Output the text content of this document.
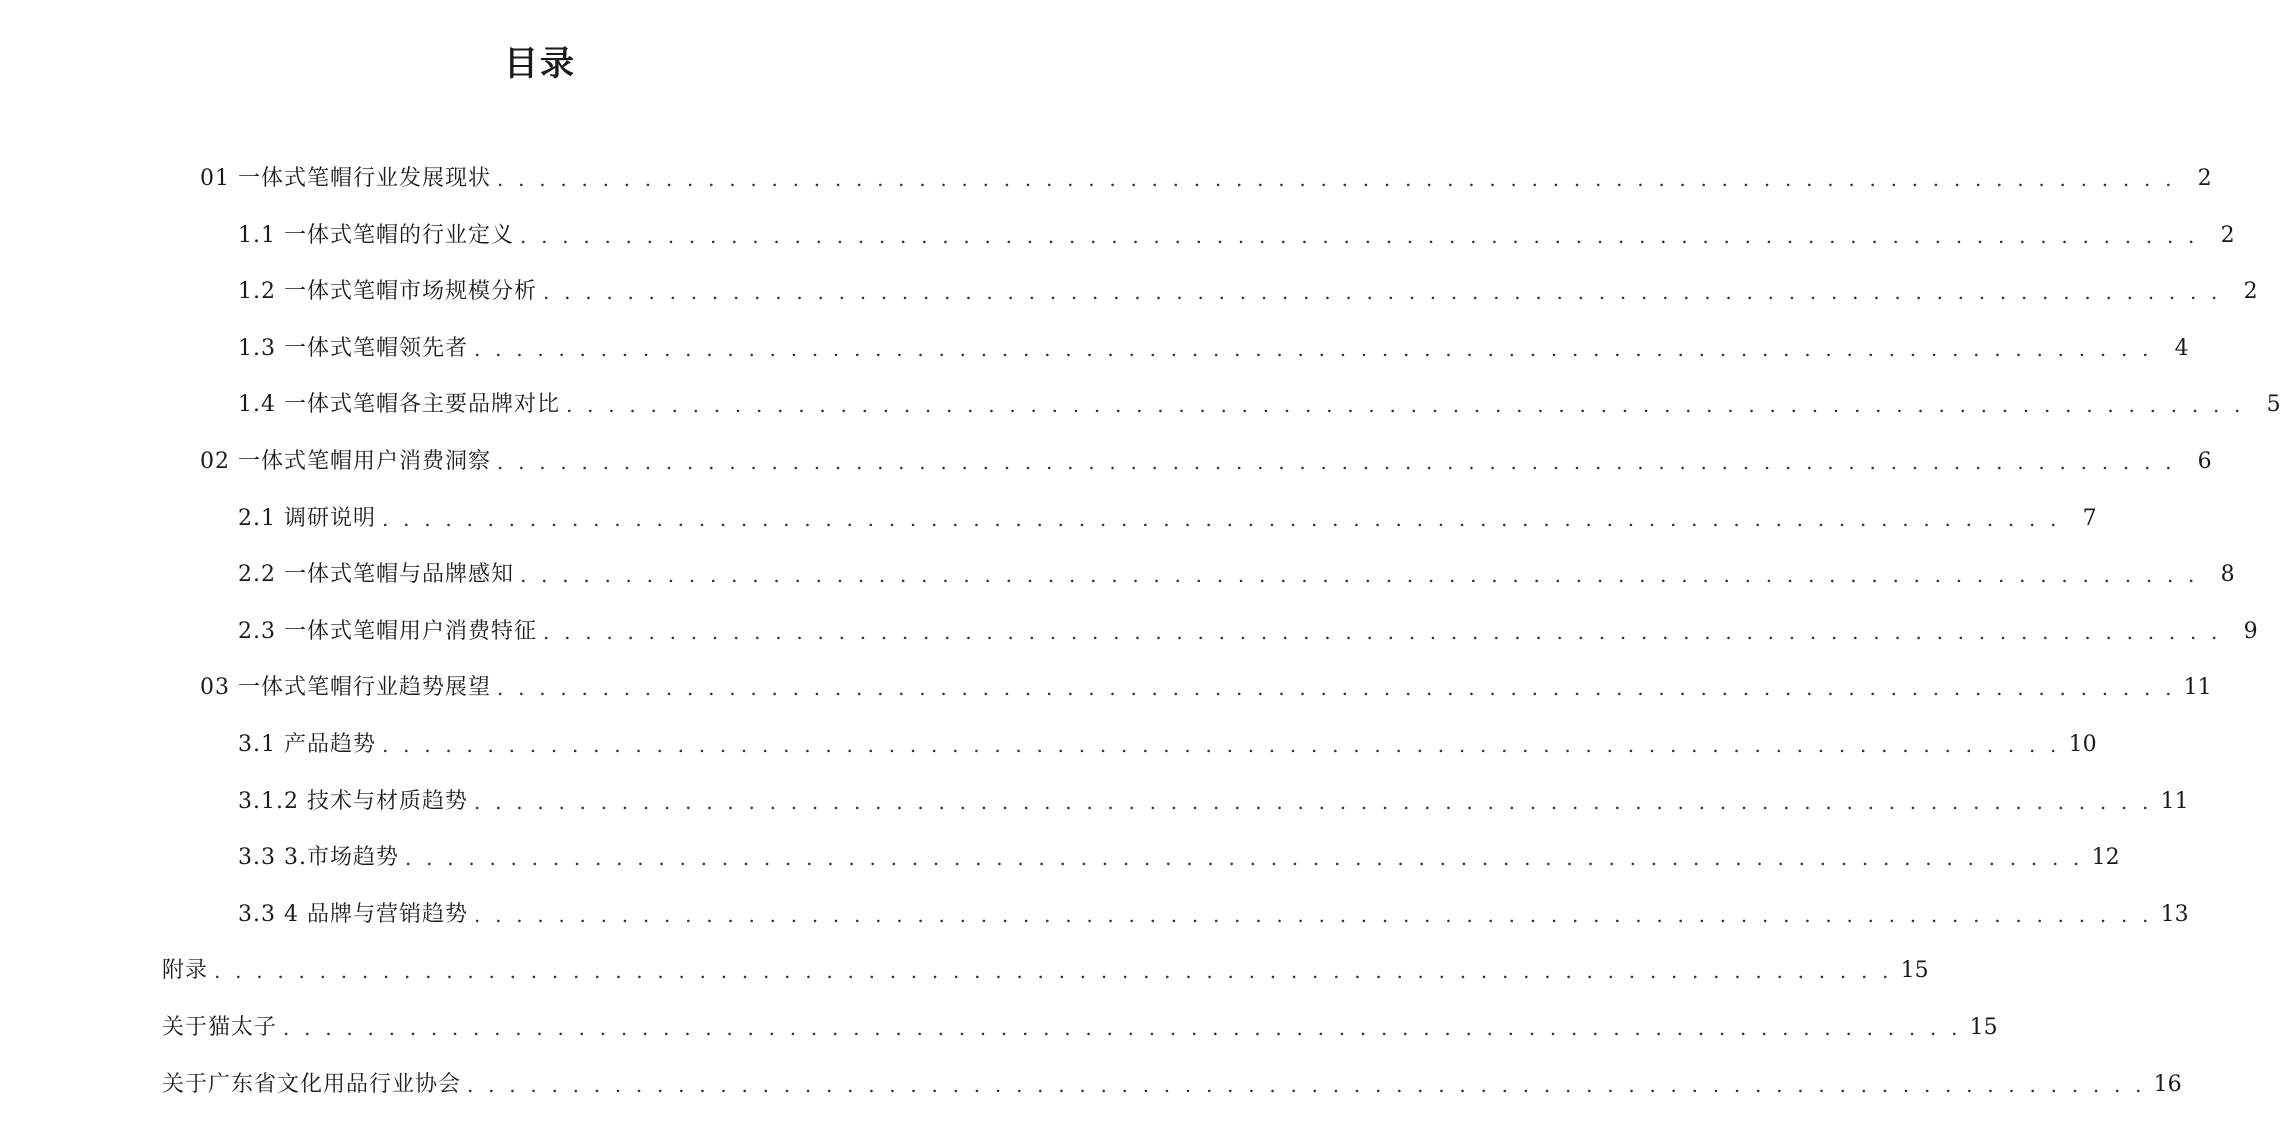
目录
01 一体式笔帽行业发展现状 . . . . . . . . . . . . . . . . . . . . . . . . . . . . . . . . . . . . . . . . . . . . . . . . . . . . . . . . . . . . . . . . . . . . . . . . . . . . . . . .	2
1.1 一体式笔帽的行业定义 . . . . . . . . . . . . . . . . . . . . . . . . . . . . . . . . . . . . . . . . . . . . . . . . . . . . . . . . . . . . . . . . . . . . . . . . . . . . . . . .	2
1.2 一体式笔帽市场规模分析 . . . . . . . . . . . . . . . . . . . . . . . . . . . . . . . . . . . . . . . . . . . . . . . . . . . . . . . . . . . . . . . . . . . . . . . . . . . . . . . .	2
1.3 一体式笔帽领先者 . . . . . . . . . . . . . . . . . . . . . . . . . . . . . . . . . . . . . . . . . . . . . . . . . . . . . . . . . . . . . . . . . . . . . . . . . . . . . . . .	4
1.4 一体式笔帽各主要品牌对比 . . . . . . . . . . . . . . . . . . . . . . . . . . . . . . . . . . . . . . . . . . . . . . . . . . . . . . . . . . . . . . . . . . . . . . . . . . . . . . . .	5
02 一体式笔帽用户消费洞察 . . . . . . . . . . . . . . . . . . . . . . . . . . . . . . . . . . . . . . . . . . . . . . . . . . . . . . . . . . . . . . . . . . . . . . . . . . . . . . . .	6
2.1 调研说明 . . . . . . . . . . . . . . . . . . . . . . . . . . . . . . . . . . . . . . . . . . . . . . . . . . . . . . . . . . . . . . . . . . . . . . . . . . . . . . . .	7
2.2 一体式笔帽与品牌感知 . . . . . . . . . . . . . . . . . . . . . . . . . . . . . . . . . . . . . . . . . . . . . . . . . . . . . . . . . . . . . . . . . . . . . . . . . . . . . . . .	8
2.3 一体式笔帽用户消费特征 . . . . . . . . . . . . . . . . . . . . . . . . . . . . . . . . . . . . . . . . . . . . . . . . . . . . . . . . . . . . . . . . . . . . . . . . . . . . . . . .	9
03 一体式笔帽行业趋势展望 . . . . . . . . . . . . . . . . . . . . . . . . . . . . . . . . . . . . . . . . . . . . . . . . . . . . . . . . . . . . . . . . . . . . . . . . . . . . . . . . 11
3.1 产品趋势 . . . . . . . . . . . . . . . . . . . . . . . . . . . . . . . . . . . . . . . . . . . . . . . . . . . . . . . . . . . . . . . . . . . . . . . . . . . . . . . . 10
3.1.2 技术与材质趋势 . . . . . . . . . . . . . . . . . . . . . . . . . . . . . . . . . . . . . . . . . . . . . . . . . . . . . . . . . . . . . . . . . . . . . . . . . . . . . . . . 11
3.3 3.市场趋势 . . . . . . . . . . . . . . . . . . . . . . . . . . . . . . . . . . . . . . . . . . . . . . . . . . . . . . . . . . . . . . . . . . . . . . . . . . . . . . . . 12
3.3 4 品牌与营销趋势 . . . . . . . . . . . . . . . . . . . . . . . . . . . . . . . . . . . . . . . . . . . . . . . . . . . . . . . . . . . . . . . . . . . . . . . . . . . . . . . . 13
附录 . . . . . . . . . . . . . . . . . . . . . . . . . . . . . . . . . . . . . . . . . . . . . . . . . . . . . . . . . . . . . . . . . . . . . . . . . . . . . . . . 15
关于猫太子 . . . . . . . . . . . . . . . . . . . . . . . . . . . . . . . . . . . . . . . . . . . . . . . . . . . . . . . . . . . . . . . . . . . . . . . . . . . . . . . . 15
关于广东省文化用品行业协会 . . . . . . . . . . . . . . . . . . . . . . . . . . . . . . . . . . . . . . . . . . . . . . . . . . . . . . . . . . . . . . . . . . . . . . . . . . . . . . . . 16
